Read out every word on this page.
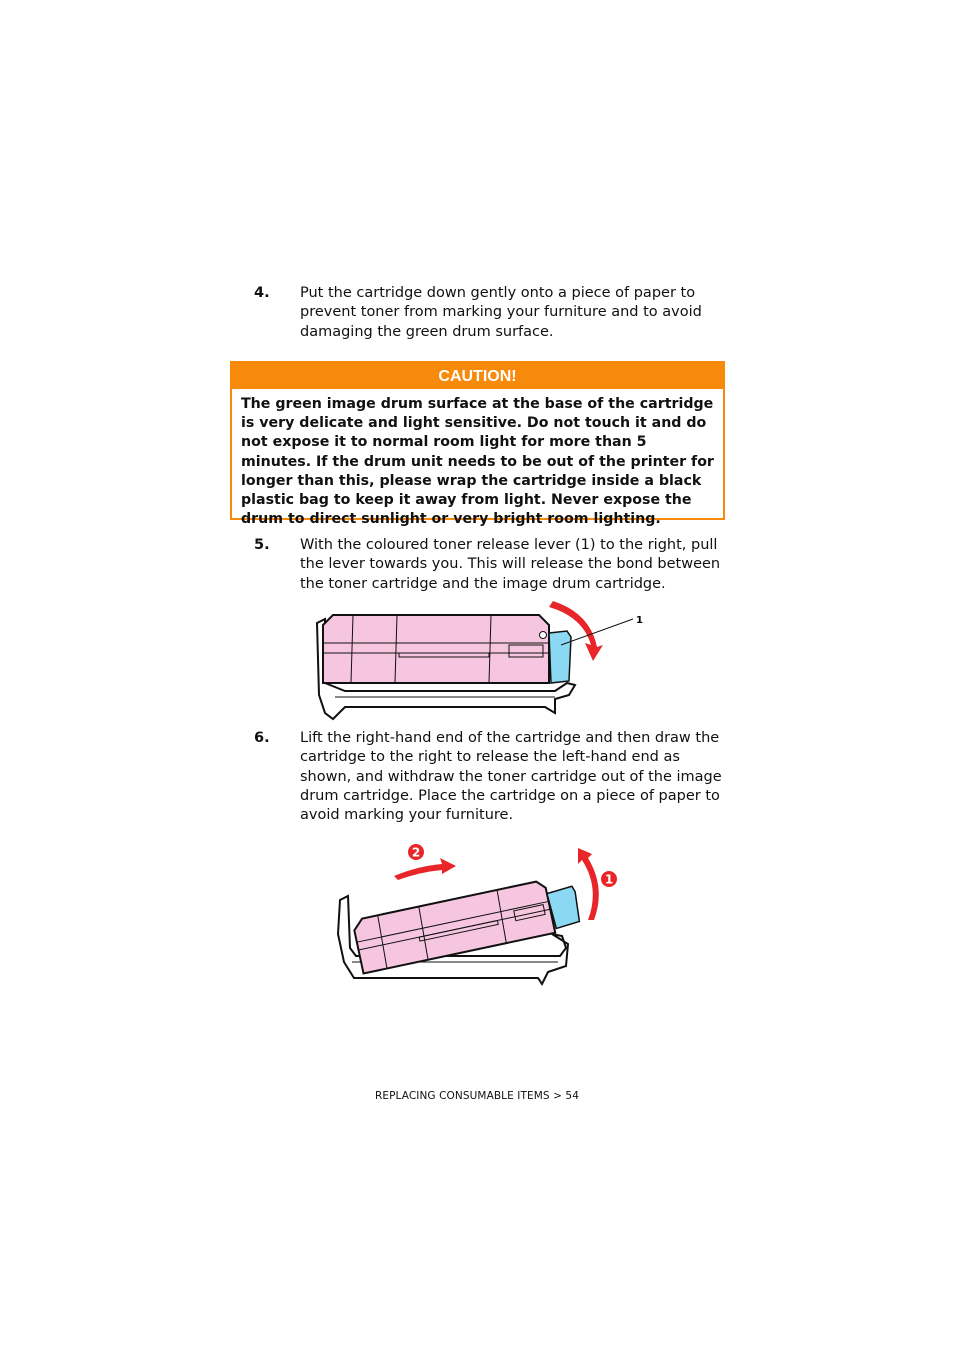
4. Put the cartridge down gently onto a piece of paper to prevent toner from marking your furniture and to avoid damaging the green drum surface.
CAUTION!
The green image drum surface at the base of the cartridge is very delicate and light sensitive. Do not touch it and do not expose it to normal room light for more than 5 minutes. If the drum unit needs to be out of the printer for longer than this, please wrap the cartridge inside a black plastic bag to keep it away from light. Never expose the drum to direct sunlight or very bright room lighting.
5. With the coloured toner release lever (1) to the right, pull the lever towards you. This will release the bond between the toner cartridge and the image drum cartridge.
1
6. Lift the right-hand end of the cartridge and then draw the cartridge to the right to release the left-hand end as shown, and withdraw the toner cartridge out of the image drum cartridge. Place the cartridge on a piece of paper to avoid marking your furniture.
2
1
REPLACING CONSUMABLE ITEMS > 54
